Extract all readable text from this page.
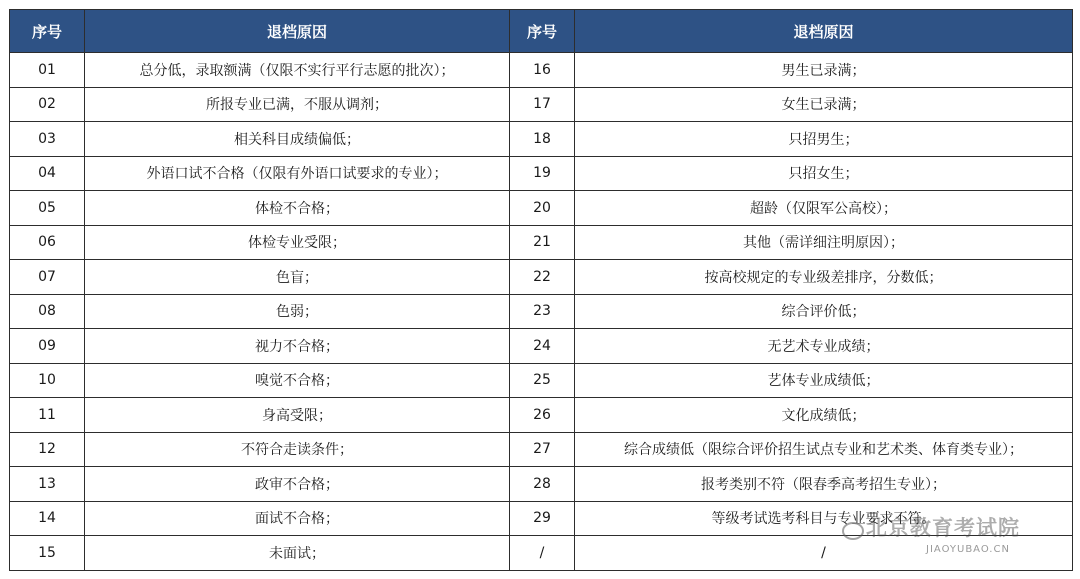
序号	退档原因	序号	退档原因
01	总分低，录取额满（仅限不实行平行志愿的批次）；	16	男生已录满；
02	所报专业已满，不服从调剂；	17	女生已录满；
03	相关科目成绩偏低；	18	只招男生；
04	外语口试不合格（仅限有外语口试要求的专业）；	19	只招女生；
05	体检不合格；	20	超龄（仅限军公高校）；
06	体检专业受限；	21	其他（需详细注明原因）；
07	色盲；	22	按高校规定的专业级差排序，分数低；
08	色弱；	23	综合评价低；
09	视力不合格；	24	无艺术专业成绩；
10	嗅觉不合格；	25	艺体专业成绩低；
11	身高受限；	26	文化成绩低；
12	不符合走读条件；	27	综合成绩低（限综合评价招生试点专业和艺术类、体育类专业）；
13	政审不合格；	28	报考类别不符（限春季高考招生专业）；
14	面试不合格；	29	等级考试选考科目与专业要求不符。
15	未面试；	/	/
北京教育考试院
JIAOYUBAO.CN
